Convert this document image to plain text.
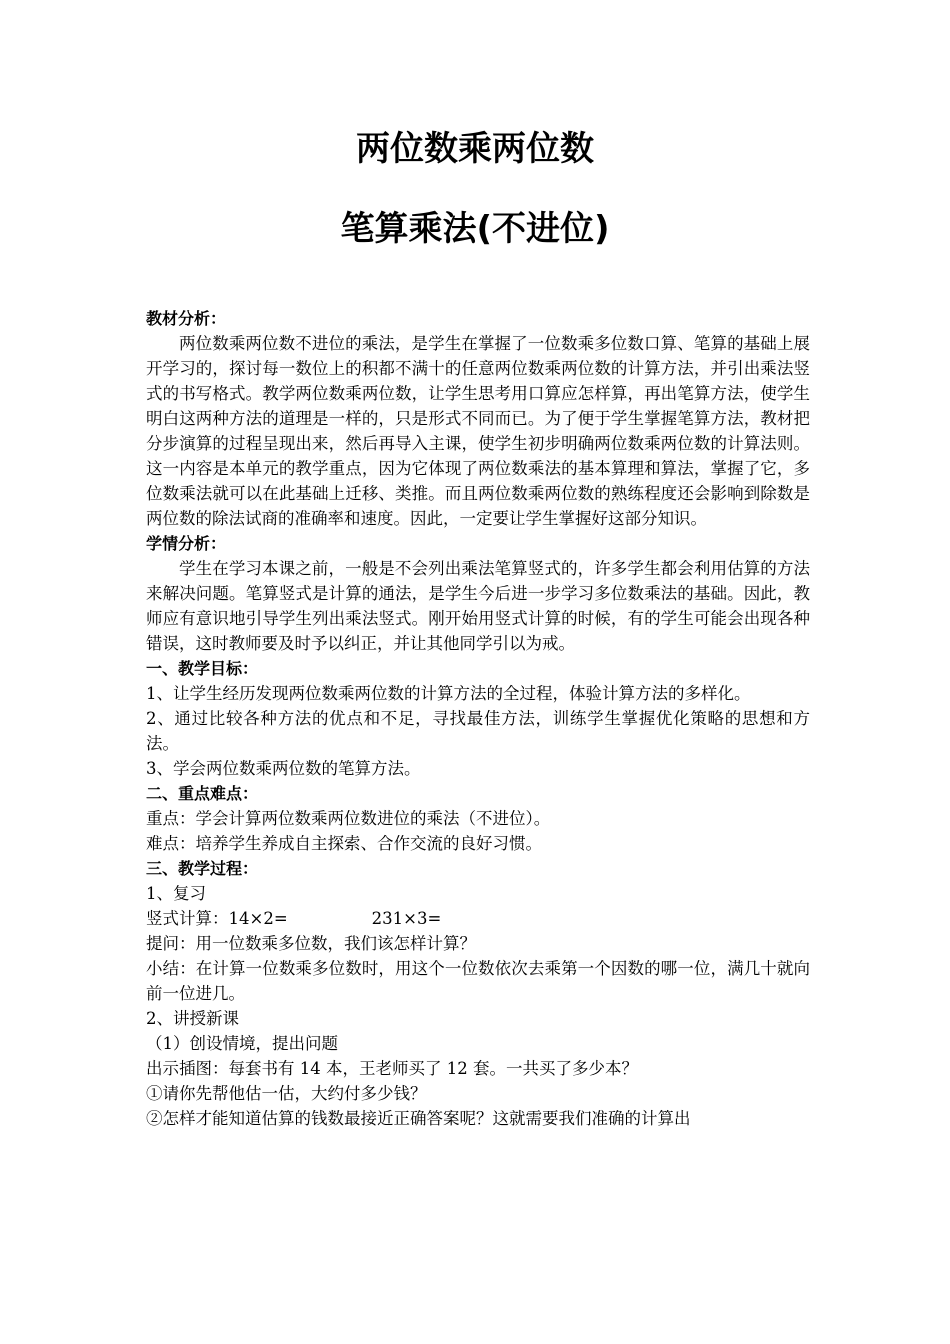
两位数乘两位数
笔算乘法(不进位)

教材分析：

两位数乘两位数不进位的乘法，是学生在掌握了一位数乘多位数口算、笔算的基础上展开学习的，探讨每一数位上的积都不满十的任意两位数乘两位数的计算方法，并引出乘法竖式的书写格式。教学两位数乘两位数，让学生思考用口算应怎样算，再出笔算方法，使学生明白这两种方法的道理是一样的，只是形式不同而已。为了便于学生掌握笔算方法，教材把分步演算的过程呈现出来，然后再导入主课，使学生初步明确两位数乘两位数的计算法则。这一内容是本单元的教学重点，因为它体现了两位数乘法的基本算理和算法，掌握了它，多位数乘法就可以在此基础上迁移、类推。而且两位数乘两位数的熟练程度还会影响到除数是两位数的除法试商的准确率和速度。因此，一定要让学生掌握好这部分知识。

学情分析：

学生在学习本课之前，一般是不会列出乘法笔算竖式的，许多学生都会利用估算的方法来解决问题。笔算竖式是计算的通法，是学生今后进一步学习多位数乘法的基础。因此，教师应有意识地引导学生列出乘法竖式。刚开始用竖式计算的时候，有的学生可能会出现各种错误，这时教师要及时予以纠正，并让其他同学引以为戒。

一、教学目标：

1、让学生经历发现两位数乘两位数的计算方法的全过程，体验计算方法的多样化。

2、通过比较各种方法的优点和不足，寻找最佳方法，训练学生掌握优化策略的思想和方法。

3、学会两位数乘两位数的笔算方法。

二、重点难点：

重点：学会计算两位数乘两位数进位的乘法（不进位）。

难点：培养学生养成自主探索、合作交流的良好习惯。

三、教学过程：

1、复习

竖式计算：14×2=	231×3=

提问：用一位数乘多位数，我们该怎样计算？

小结：在计算一位数乘多位数时，用这个一位数依次去乘第一个因数的哪一位，满几十就向前一位进几。

2、讲授新课

（1）创设情境，提出问题

出示插图：每套书有 14 本，王老师买了 12 套。一共买了多少本？

①请你先帮他估一估，大约付多少钱？

②怎样才能知道估算的钱数最接近正确答案呢？这就需要我们准确的计算出
